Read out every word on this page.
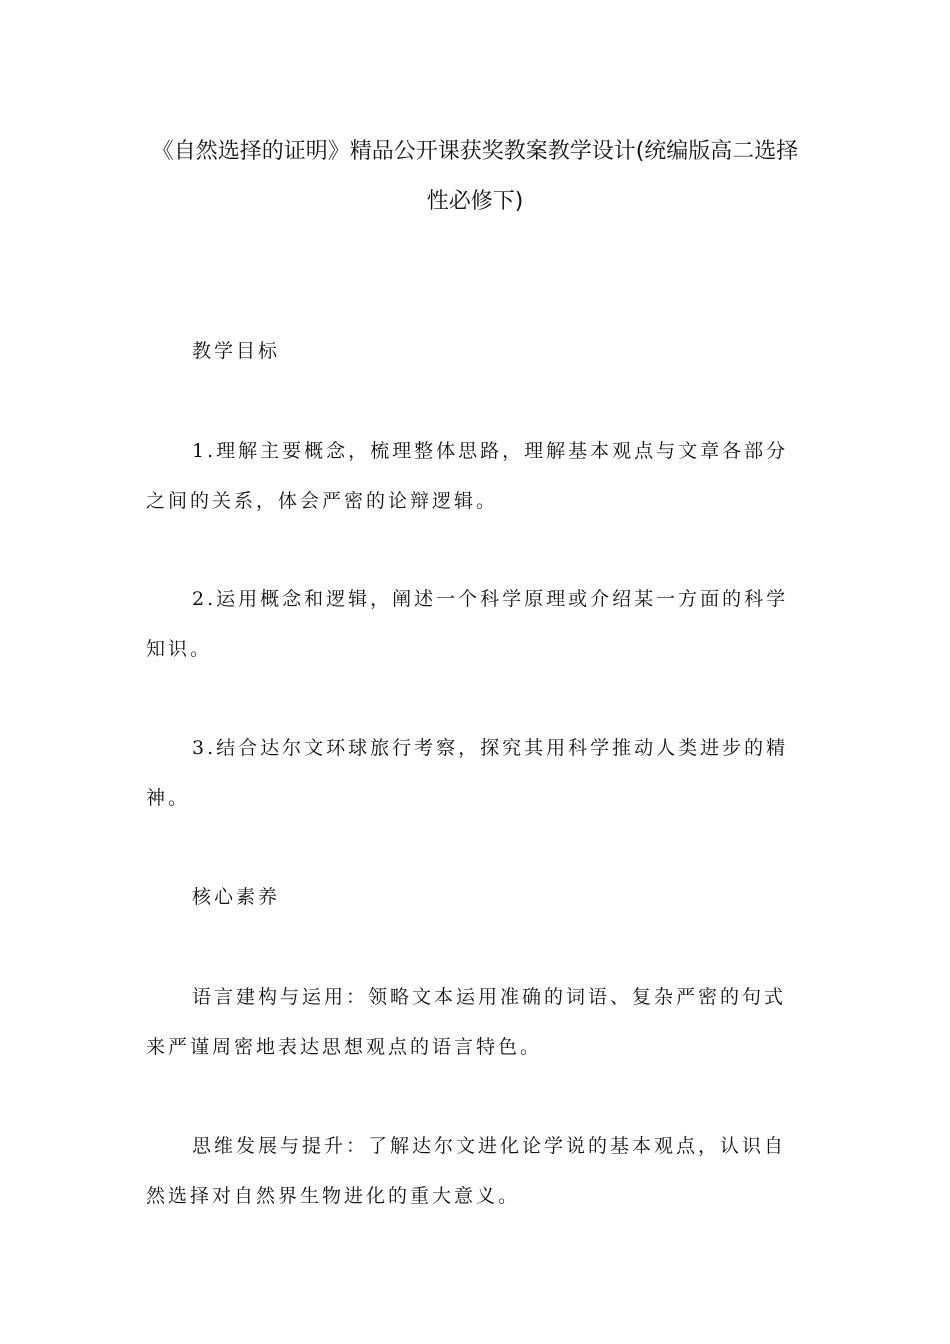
《自然选择的证明》精品公开课获奖教案教学设计(统编版高二选择
性必修下)
教学目标
1.理解主要概念，梳理整体思路，理解基本观点与文章各部分
之间的关系，体会严密的论辩逻辑。
2.运用概念和逻辑，阐述一个科学原理或介绍某一方面的科学
知识。
3.结合达尔文环球旅行考察，探究其用科学推动人类进步的精
神。
核心素养
语言建构与运用：领略文本运用准确的词语、复杂严密的句式
来严谨周密地表达思想观点的语言特色。
思维发展与提升：了解达尔文进化论学说的基本观点，认识自
然选择对自然界生物进化的重大意义。
